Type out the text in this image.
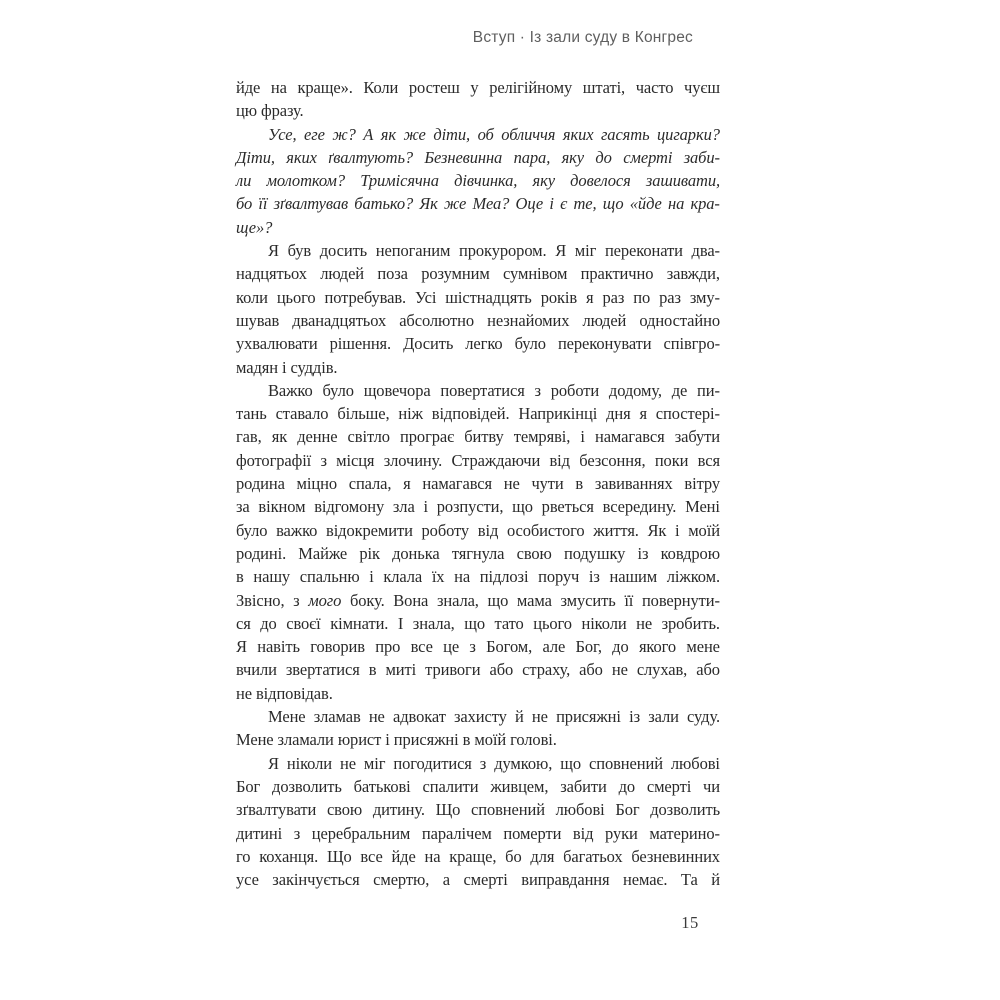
Вступ · Із зали суду в Конгрес
йде на краще». Коли ростеш у релігійному штаті, часто чуєш
цю фразу.
Усе, еге ж? А як же діти, об обличчя яких гасять цигарки?
Діти, яких ґвалтують? Безневинна пара, яку до смерті заби-
ли молотком? Тримісячна дівчинка, яку довелося зашивати,
бо її зґвалтував батько? Як же Меа? Оце і є те, що «йде на кра-
ще»?
Я був досить непоганим прокурором. Я міг переконати два-
надцятьох людей поза розумним сумнівом практично завжди,
коли цього потребував. Усі шістнадцять років я раз по раз зму-
шував дванадцятьох абсолютно незнайомих людей одностайно
ухвалювати рішення. Досить легко було переконувати співгро-
мадян і суддів.
Важко було щовечора повертатися з роботи додому, де пи-
тань ставало більше, ніж відповідей. Наприкінці дня я спостері-
гав, як денне світло програє битву темряві, і намагався забути
фотографії з місця злочину. Страждаючи від безсоння, поки вся
родина міцно спала, я намагався не чути в завиваннях вітру
за вікном відгомону зла і розпусти, що рветься всередину. Мені
було важко відокремити роботу від особистого життя. Як і моїй
родині. Майже рік донька тягнула свою подушку із ковдрою
в нашу спальню і клала їх на підлозі поруч із нашим ліжком.
Звісно, з мого боку. Вона знала, що мама змусить її повернути-
ся до своєї кімнати. І знала, що тато цього ніколи не зробить.
Я навіть говорив про все це з Богом, але Бог, до якого мене
вчили звертатися в миті тривоги або страху, або не слухав, або
не відповідав.
Мене зламав не адвокат захисту й не присяжні із зали суду.
Мене зламали юрист і присяжні в моїй голові.
Я ніколи не міг погодитися з думкою, що сповнений любові
Бог дозволить батькові спалити живцем, забити до смерті чи
зґвалтувати свою дитину. Що сповнений любові Бог дозволить
дитині з церебральним паралічем померти від руки материно-
го коханця. Що все йде на краще, бо для багатьох безневинних
усе закінчується смертю, а смерті виправдання немає. Та й
15
